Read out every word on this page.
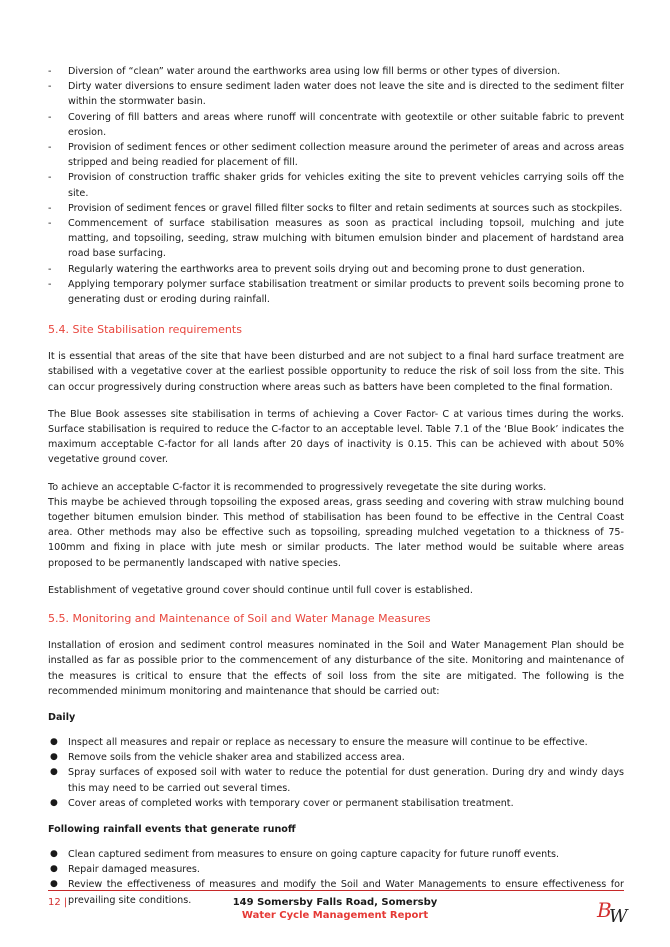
- Diversion of “clean” water around the earthworks area using low fill berms or other types of diversion.
- Dirty water diversions to ensure sediment laden water does not leave the site and is directed to the sediment filter within the stormwater basin.
- Covering of fill batters and areas where runoff will concentrate with geotextile or other suitable fabric to prevent erosion.
- Provision of sediment fences or other sediment collection measure around the perimeter of areas and across areas stripped and being readied for placement of fill.
- Provision of construction traffic shaker grids for vehicles exiting the site to prevent vehicles carrying soils off the site.
- Provision of sediment fences or gravel filled filter socks to filter and retain sediments at sources such as stockpiles.
- Commencement of surface stabilisation measures as soon as practical including topsoil, mulching and jute matting, and topsoiling, seeding, straw mulching with bitumen emulsion binder and placement of hardstand area road base surfacing.
- Regularly watering the earthworks area to prevent soils drying out and becoming prone to dust generation.
- Applying temporary polymer surface stabilisation treatment or similar products to prevent soils becoming prone to generating dust or eroding during rainfall.
5.4. Site Stabilisation requirements

It is essential that areas of the site that have been disturbed and are not subject to a final hard surface treatment are stabilised with a vegetative cover at the earliest possible opportunity to reduce the risk of soil loss from the site. This can occur progressively during construction where areas such as batters have been completed to the final formation.

The Blue Book assesses site stabilisation in terms of achieving a Cover Factor- C at various times during the works. Surface stabilisation is required to reduce the C-factor to an acceptable level. Table 7.1 of the ‘Blue Book’ indicates the maximum acceptable C-factor for all lands after 20 days of inactivity is 0.15. This can be achieved with about 50% vegetative ground cover.

To achieve an acceptable C-factor it is recommended to progressively revegetate the site during works.

This maybe be achieved through topsoiling the exposed areas, grass seeding and covering with straw mulching bound together bitumen emulsion binder. This method of stabilisation has been found to be effective in the Central Coast area. Other methods may also be effective such as topsoiling, spreading mulched vegetation to a thickness of 75-100mm and fixing in place with jute mesh or similar products. The later method would be suitable where areas proposed to be permanently landscaped with native species.

Establishment of vegetative ground cover should continue until full cover is established.

5.5. Monitoring and Maintenance of Soil and Water Manage Measures

Installation of erosion and sediment control measures nominated in the Soil and Water Management Plan should be installed as far as possible prior to the commencement of any disturbance of the site. Monitoring and maintenance of the measures is critical to ensure that the effects of soil loss from the site are mitigated. The following is the recommended minimum monitoring and maintenance that should be carried out:

Daily
● Inspect all measures and repair or replace as necessary to ensure the measure will continue to be effective.
● Remove soils from the vehicle shaker area and stabilized access area.
● Spray surfaces of exposed soil with water to reduce the potential for dust generation. During dry and windy days this may need to be carried out several times.
● Cover areas of completed works with temporary cover or permanent stabilisation treatment.
Following rainfall events that generate runoff
● Clean captured sediment from measures to ensure on going capture capacity for future runoff events.
● Repair damaged measures.
● Review the effectiveness of measures and modify the Soil and Water Managements to ensure effectiveness for prevailing site conditions.
12 |	149 Somersby Falls Road, Somersby
Water Cycle Management Report	B
W
